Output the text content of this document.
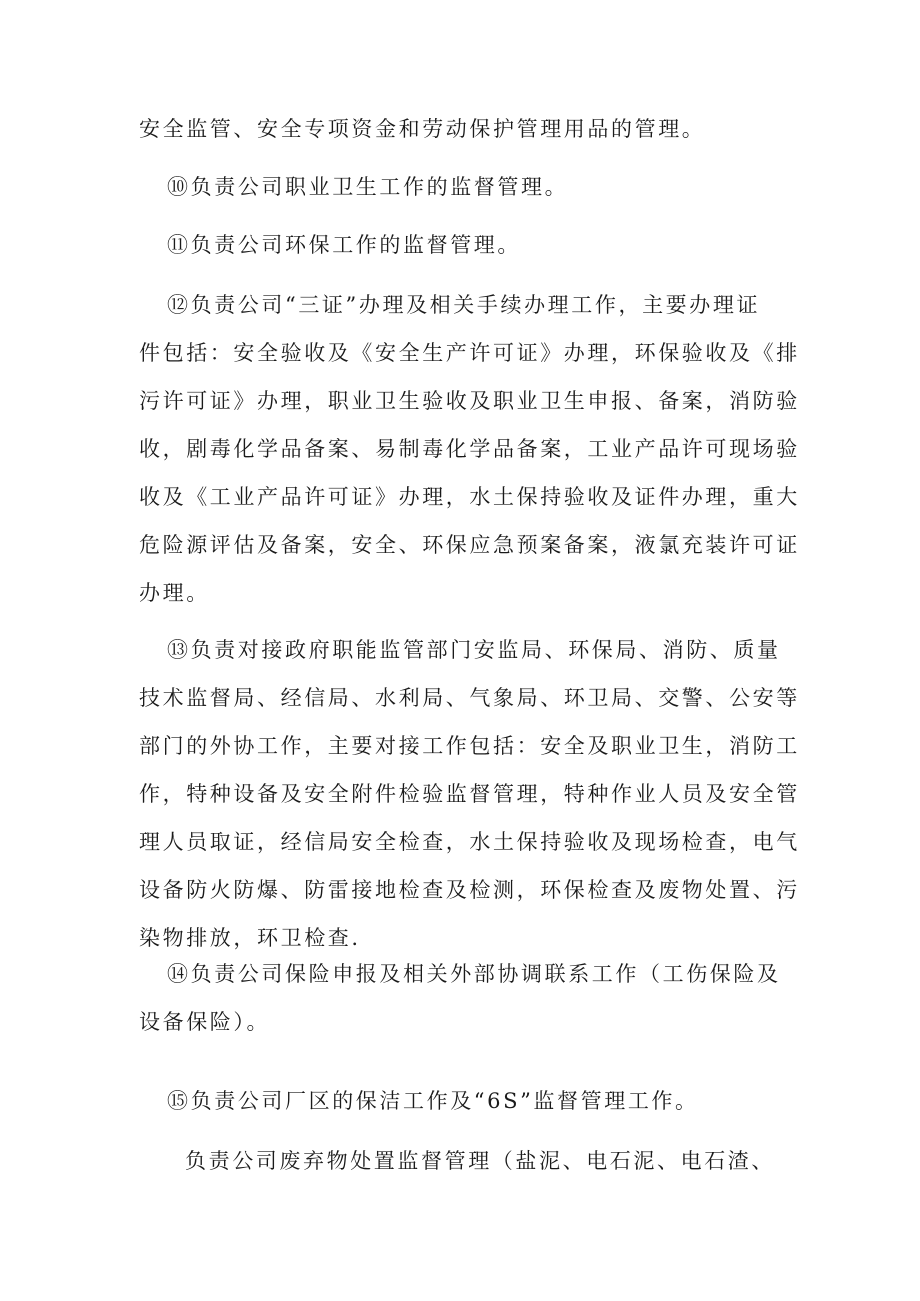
安全监管、安全专项资金和劳动保护管理用品的管理。
⑩负责公司职业卫生工作的监督管理。
⑪负责公司环保工作的监督管理。
⑫负责公司“三证”办理及相关手续办理工作，主要办理证
件包括：安全验收及《安全生产许可证》办理，环保验收及《排
污许可证》办理，职业卫生验收及职业卫生申报、备案，消防验
收，剧毒化学品备案、易制毒化学品备案，工业产品许可现场验
收及《工业产品许可证》办理，水土保持验收及证件办理，重大
危险源评估及备案，安全、环保应急预案备案，液氯充装许可证
办理。
⑬负责对接政府职能监管部门安监局、环保局、消防、质量
技术监督局、经信局、水利局、气象局、环卫局、交警、公安等
部门的外协工作，主要对接工作包括：安全及职业卫生，消防工
作，特种设备及安全附件检验监督管理，特种作业人员及安全管
理人员取证，经信局安全检查，水土保持验收及现场检查，电气
设备防火防爆、防雷接地检查及检测，环保检查及废物处置、污
染物排放，环卫检查.
⑭负责公司保险申报及相关外部协调联系工作（工伤保险及
设备保险）。
⑮负责公司厂区的保洁工作及“6S”监督管理工作。
负责公司废弃物处置监督管理（盐泥、电石泥、电石渣、
